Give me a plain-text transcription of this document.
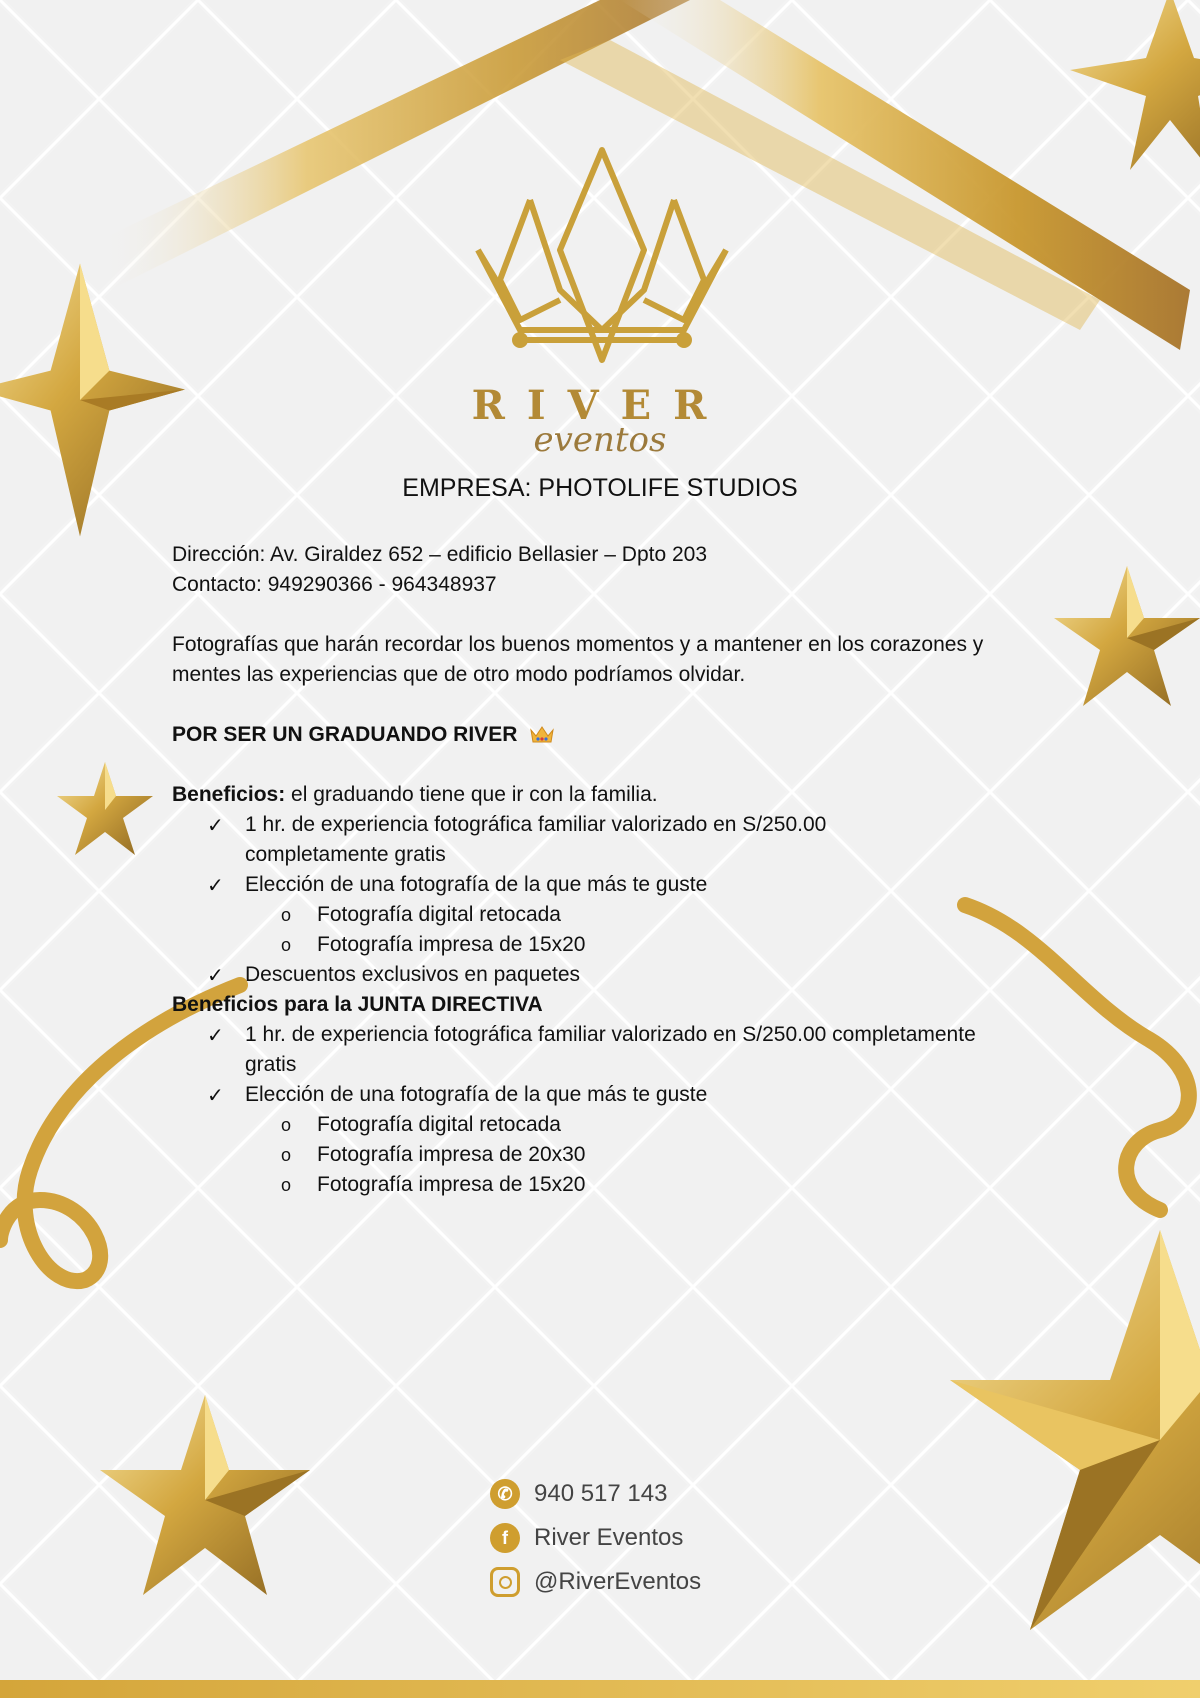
RIVER
eventos
EMPRESA: PHOTOLIFE STUDIOS

Dirección: Av. Giraldez 652 – edificio Bellasier – Dpto 203

Contacto: 949290366 - 964348937

Fotografías que harán recordar los buenos momentos y a mantener en los corazones y

mentes las experiencias que de otro modo podríamos olvidar.

POR SER UN GRADUANDO RIVER

Beneficios: el graduando tiene que ir con la familia.

✓ 1 hr. de experiencia fotográfica familiar valorizado en S/250.00
completamente gratis
✓ Elección de una fotografía de la que más te guste
o Fotografía digital retocada
o Fotografía impresa de 15x20
✓ Descuentos exclusivos en paquetes

Beneficios para la JUNTA DIRECTIVA

✓ 1 hr. de experiencia fotográfica familiar valorizado en S/250.00 completamente
gratis
✓ Elección de una fotografía de la que más te guste
o Fotografía digital retocada
o Fotografía impresa de 20x30
o Fotografía impresa de 15x20
✆ 940 517 143
f	River Eventos
@RiverEventos
